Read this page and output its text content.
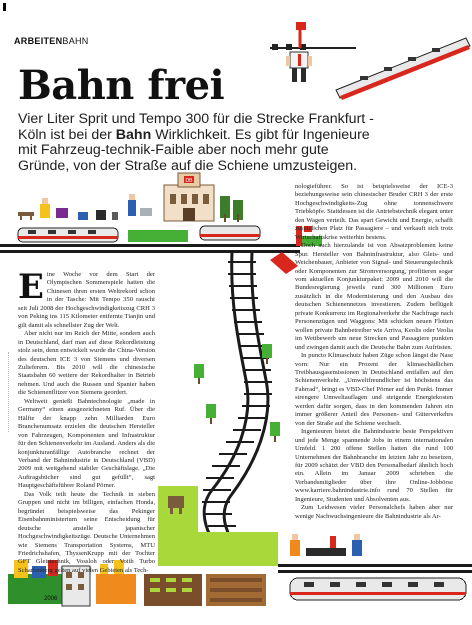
ARBEITENBAHN
Bahn frei
Vier Liter Sprit und Tempo 300 für die Strecke Frankfurt - Köln ist bei der Bahn Wirklichkeit. Es gibt für Ingenieure mit Fahrzeug-technik-Faible aber noch mehr gute Gründe, von der Straße auf die Schiene umzusteigen.
DB
2006
E ine Woche vor dem Start der Olympischen Sommerspiele hatten die Chinesen ihren ersten Weltrekord schon in der Tasche: Mit Tempo 350 rauscht seit Juli 2008 der Hochgeschwindigkeitszug CRH 3 von Peking ins 115 Kilometer entfernte Tianjin und gilt damit als schnellster Zug der Welt.

Aber nicht nur im Reich der Mitte, sondern auch in Deutschland, darf man auf diese Rekordleistung stolz sein, denn entwickelt wurde die China-Version des deutschen ICE 3 von Siemens und diversen Zulieferern. Bis 2010 will die chinesische Staatsbahn 60 weitere der Rekordhalter in Betrieb nehmen. Und auch die Russen und Spanier haben die Schienenflitzer von Siemens geordert.

Weltweit genießt Bahntechnologie „made in Germany“ einen ausgezeichneten Ruf. Über die Hälfte der knapp zehn Milliarden Euro Branchenumsatz erzielen die deutschen Hersteller von Fahrzeugen, Komponenten und Infrastruktur für den Schienenverkehr im Ausland. Anders als die konjunkturanfällige Autobranche rechnet der Verband der Bahnindustrie in Deutschland (VBD) 2009 mit weitgehend stabiler Geschäftslage. „Die Auftragsbücher sind gut gefüllt“, sagt Hauptgeschäftsführer Roland Pörner.

Das Volk teilt heute die Technik in sieben Gruppen und nicht im billigen, einfachen Honda, begründet beispielsweise das Pekinger Eisenbahnministerium seine Entscheidung für deutsche anstelle japanischer Hochgeschwindigkeitszüge. Deutsche Unternehmen wie Siemens Transportation Systems, MTU Friedrichshafen, ThyssenKrupp mit der Tochter GFT Gleistechnik, Vossloh oder Voith Turbo Scharfenberg gelten auf vielen Gebieten als Tech-

nologieführer. So ist beispielsweise der ICE-3 beziehungsweise sein chinesischer Bruder CRH 3 der erste Hochgeschwindigkeits-Zug ohne tonnenschwere Triebköpfe. Stattdessen ist die Antriebstechnik elegant unter den Wagen verteilt. Das spart Gewicht und Energie, schafft zusätzlichen Platz für Passagiere – und verkauft sich trotz Wirtschaftskrise weiterhin bestens.

Doch auch hierzulande ist von Absatzproblemen keine Spur. Hersteller von Bahninfrastruktur, also Gleis- und Weichenbauer, Anbieter von Signal- und Steuerungstechnik oder Komponenten zur Stromversorgung, profitieren sogar vom aktuellen Konjunkturpaket: 2009 und 2010 will die Bundesregierung jeweils rund 300 Millionen Euro zusätzlich in die Modernisierung und den Ausbau des deutschen Schienennetzes investieren. Zudem beflügelt private Konkurrenz im Regionalverkehr die Nachfrage nach Personenzügen und Waggons: Mit schicken neuen Flotten wollen private Bahnbetreiber wie Arriva, Keolis oder Veolia im Wettbewerb um neue Strecken und Passagiere punkten und zwingen damit auch die Deutsche Bahn zum Aufrüsten.

In puncto Klimaschutz haben Züge schon längst die Nase vorn: Nur ein Prozent der klimaschädlichen Treibhausgasemissionen in Deutschland entfallen auf den Schienenverkehr. „Umweltfreundlicher ist höchstens das Fahrrad“, bringt es VBD-Chef Pörner auf den Punkt. Immer strengere Umweltauflagen und steigende Energiekosten werden dafür sorgen, dass in den kommenden Jahren ein immer größerer Anteil des Personen- und Güterverkehrs von der Straße auf die Schiene wechselt.

Ingenieuren bietet die Bahnindustrie beste Perspektiven und jede Menge spannende Jobs in einem internationalen Umfeld. 1 200 offene Stellen hatten die rund 100 Unternehmen der Bahnbranche im letzten Jahr zu besetzen, für 2009 schätzt der VBD den Personalbedarf ähnlich hoch ein. Allein im Januar 2009 schrieben die Verbandsmitglieder über ihre Online-Jobbörse www.karriere.bahnindustrie.info rund 70 Stellen für Ingenieure, Studenten und Absolventen aus.

Zum Leidwesen vieler Personalchefs haben aber nur wenige Nachwuchsingenieure die Bahnindustrie als Ar-
